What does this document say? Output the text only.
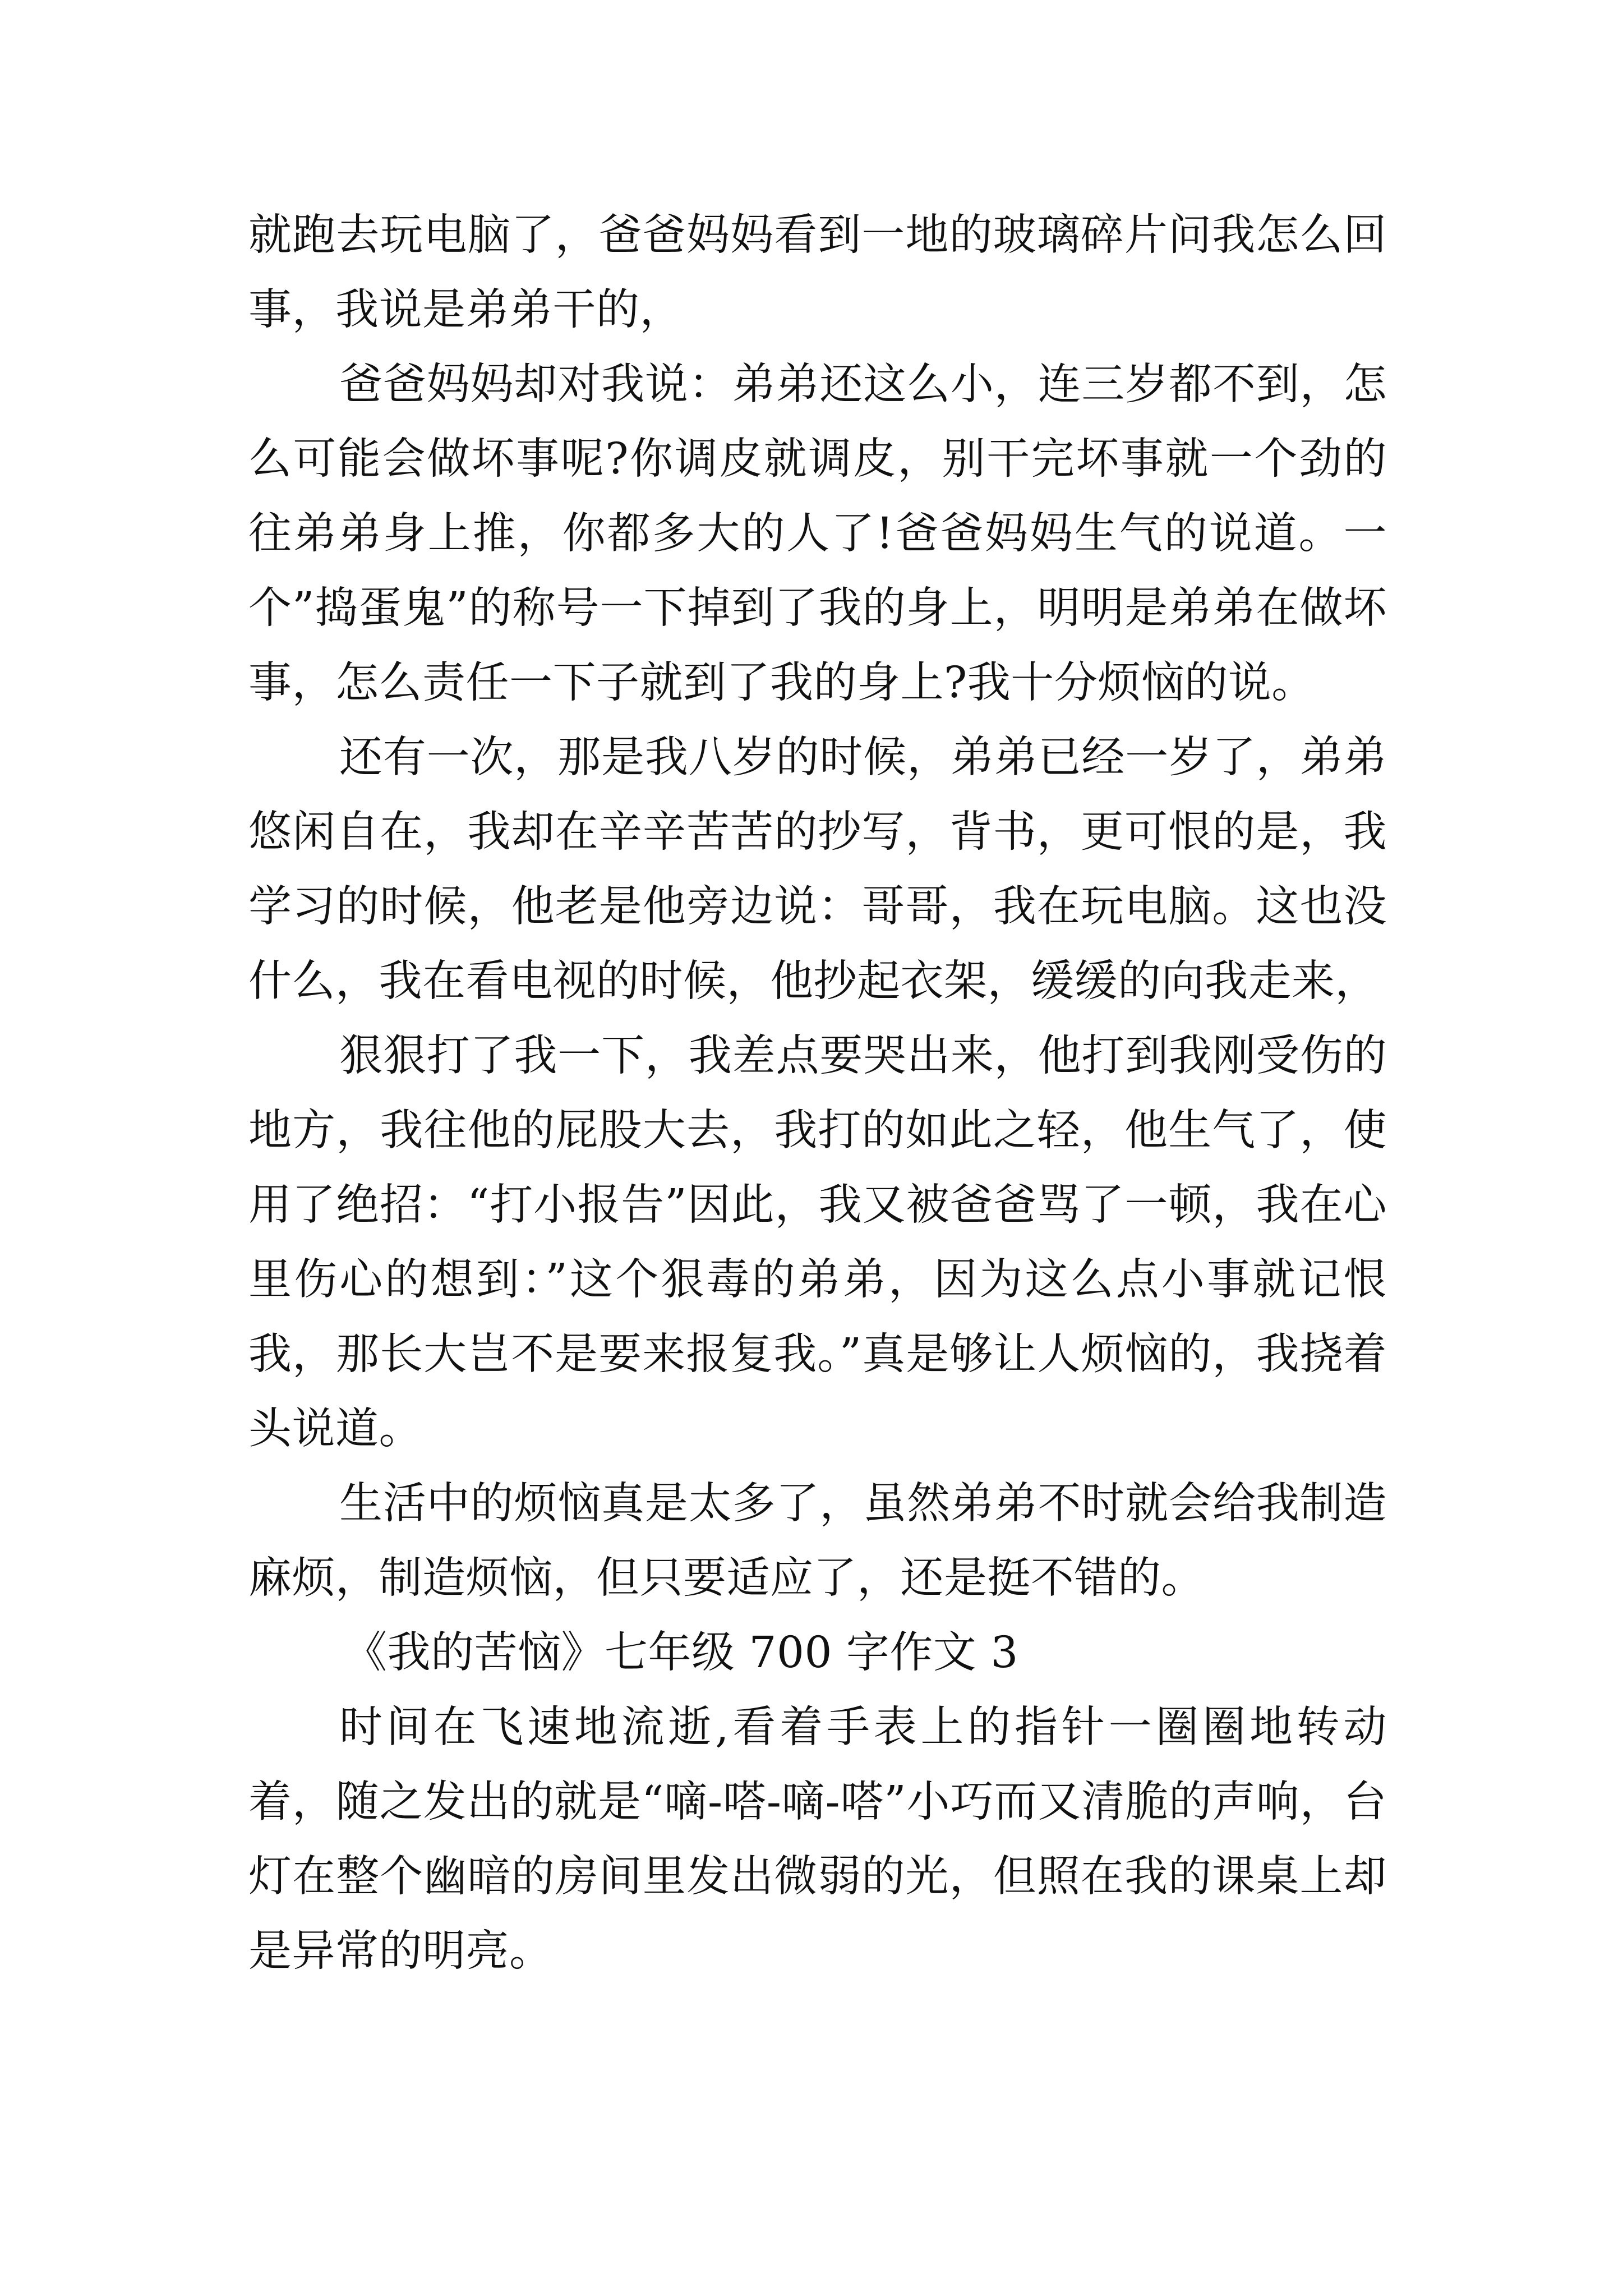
就跑去玩电脑了，爸爸妈妈看到一地的玻璃碎片问我怎么回事，我说是弟弟干的，

爸爸妈妈却对我说：弟弟还这么小，连三岁都不到，怎么可能会做坏事呢?你调皮就调皮，别干完坏事就一个劲的往弟弟身上推，你都多大的人了!爸爸妈妈生气的说道。一个”捣蛋鬼”的称号一下掉到了我的身上，明明是弟弟在做坏事，怎么责任一下子就到了我的身上?我十分烦恼的说。

还有一次，那是我八岁的时候，弟弟已经一岁了，弟弟悠闲自在，我却在辛辛苦苦的抄写，背书，更可恨的是，我学习的时候，他老是他旁边说：哥哥，我在玩电脑。这也没什么，我在看电视的时候，他抄起衣架，缓缓的向我走来，

狠狠打了我一下，我差点要哭出来，他打到我刚受伤的地方，我往他的屁股大去，我打的如此之轻，他生气了，使用了绝招：“打小报告”因此，我又被爸爸骂了一顿，我在心里伤心的想到：”这个狠毒的弟弟，因为这么点小事就记恨我，那长大岂不是要来报复我。”真是够让人烦恼的，我挠着头说道。

生活中的烦恼真是太多了，虽然弟弟不时就会给我制造麻烦，制造烦恼，但只要适应了，还是挺不错的。

《我的苦恼》七年级 700 字作文 3

时间在飞速地流逝,看着手表上的指针一圈圈地转动着，随之发出的就是“嘀-嗒-嘀-嗒”小巧而又清脆的声响，台灯在整个幽暗的房间里发出微弱的光，但照在我的课桌上却是异常的明亮。
